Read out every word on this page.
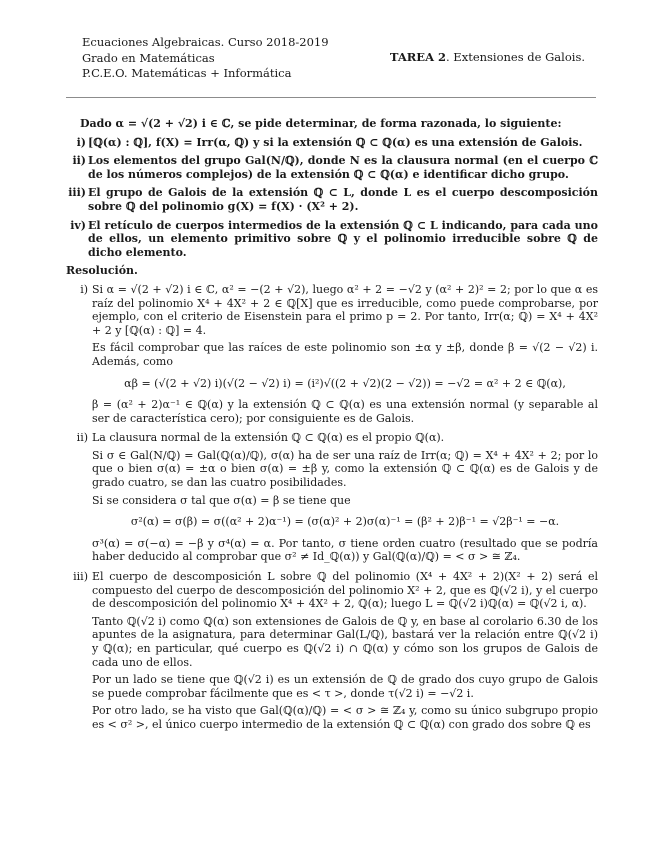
Ecuaciones Algebraicas. Curso 2018-2019
Grado en Matemáticas
P.C.E.O. Matemáticas + Informática
TAREA 2. Extensiones de Galois.
Dado α = √(2 + √2) i ∈ ℂ, se pide determinar, de forma razonada, lo siguiente:
i) [ℚ(α) : ℚ], f(X) = Irr(α, ℚ) y si la extensión ℚ ⊂ ℚ(α) es una extensión de Galois.
ii) Los elementos del grupo Gal(N/ℚ), donde N es la clausura normal (en el cuerpo ℂ de los números complejos) de la extensión ℚ ⊂ ℚ(α) e identificar dicho grupo.
iii) El grupo de Galois de la extensión ℚ ⊂ L, donde L es el cuerpo descomposición sobre ℚ del polinomio g(X) = f(X) · (X² + 2).
iv) El retículo de cuerpos intermedios de la extensión ℚ ⊂ L indicando, para cada uno de ellos, un elemento primitivo sobre ℚ y el polinomio irreducible sobre ℚ de dicho elemento.
Resolución.
i) Si α = √(2 + √2) i ∈ ℂ, α² = −(2 + √2), luego α² + 2 = −√2 y (α² + 2)² = 2; por lo que α es raíz del polinomio X⁴ + 4X² + 2 ∈ ℚ[X] que es irreducible, como puede comprobarse, por ejemplo, con el criterio de Eisenstein para el primo p = 2. Por tanto, Irr(α; ℚ) = X⁴ + 4X² + 2 y [ℚ(α) : ℚ] = 4.
Es fácil comprobar que las raíces de este polinomio son ±α y ±β, donde β = √(2 − √2) i. Además, como
αβ = (√(2 + √2) i)(√(2 − √2) i) = (i²)√((2 + √2)(2 − √2)) = −√2 = α² + 2 ∈ ℚ(α),
β = (α² + 2)α⁻¹ ∈ ℚ(α) y la extensión ℚ ⊂ ℚ(α) es una extensión normal (y separable al ser de característica cero); por consiguiente es de Galois.
ii) La clausura normal de la extensión ℚ ⊂ ℚ(α) es el propio ℚ(α).
Si σ ∈ Gal(N/ℚ) = Gal(ℚ(α)/ℚ), σ(α) ha de ser una raíz de Irr(α; ℚ) = X⁴ + 4X² + 2; por lo que o bien σ(α) = ±α o bien σ(α) = ±β y, como la extensión ℚ ⊂ ℚ(α) es de Galois y de grado cuatro, se dan las cuatro posibilidades.
Si se considera σ tal que σ(α) = β se tiene que
σ²(α) = σ(β) = σ((α² + 2)α⁻¹) = (σ(α)² + 2)σ(α)⁻¹ = (β² + 2)β⁻¹ = √2β⁻¹ = −α.
σ³(α) = σ(−α) = −β y σ⁴(α) = α. Por tanto, σ tiene orden cuatro (resultado que se podría haber deducido al comprobar que σ² ≠ Id_ℚ(α)) y Gal(ℚ(α)/ℚ) = < σ > ≅ ℤ₄.
iii) El cuerpo de descomposición L sobre ℚ del polinomio (X⁴ + 4X² + 2)(X² + 2) será el compuesto del cuerpo de descomposición del polinomio X² + 2, que es ℚ(√2 i), y el cuerpo de descomposición del polinomio X⁴ + 4X² + 2, ℚ(α); luego L = ℚ(√2 i)ℚ(α) = ℚ(√2 i, α).
Tanto ℚ(√2 i) como ℚ(α) son extensiones de Galois de ℚ y, en base al corolario 6.30 de los apuntes de la asignatura, para determinar Gal(L/ℚ), bastará ver la relación entre ℚ(√2 i) y ℚ(α); en particular, qué cuerpo es ℚ(√2 i) ∩ ℚ(α) y cómo son los grupos de Galois de cada uno de ellos.
Por un lado se tiene que ℚ(√2 i) es un extensión de ℚ de grado dos cuyo grupo de Galois se puede comprobar fácilmente que es < τ >, donde τ(√2 i) = −√2 i.
Por otro lado, se ha visto que Gal(ℚ(α)/ℚ) = < σ > ≅ ℤ₄ y, como su único subgrupo propio es < σ² >, el único cuerpo intermedio de la extensión ℚ ⊂ ℚ(α) con grado dos sobre ℚ es
